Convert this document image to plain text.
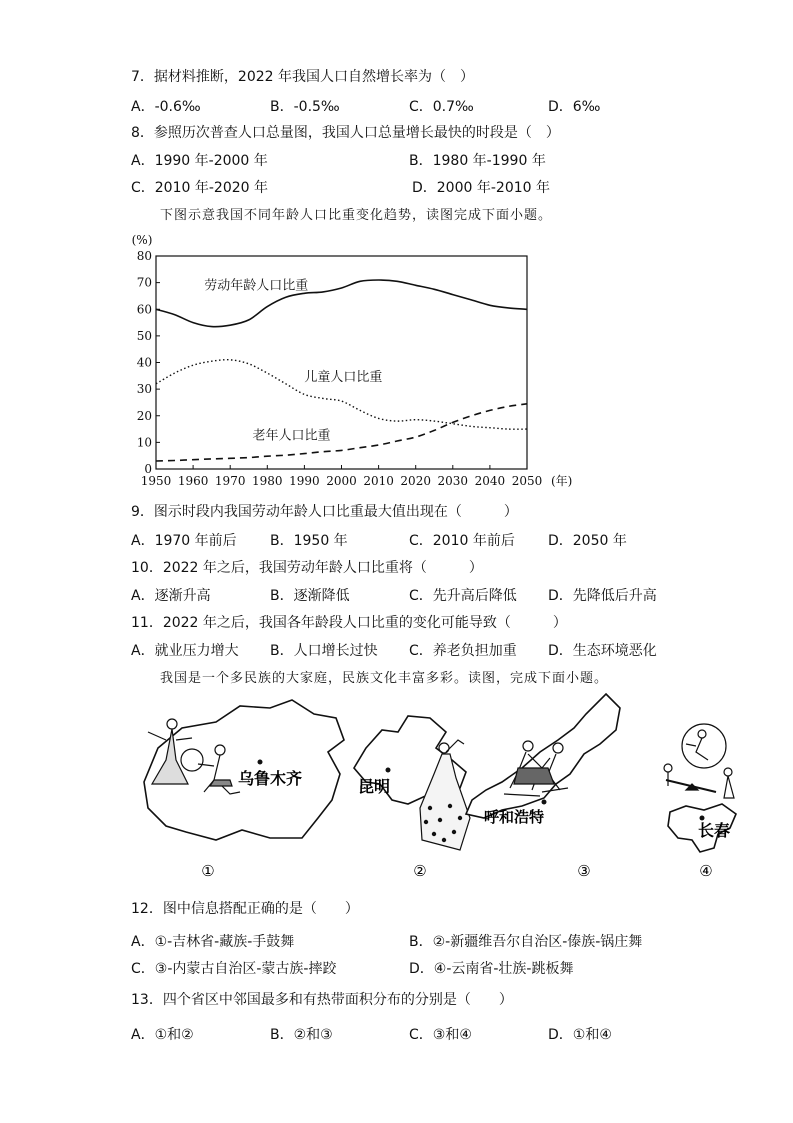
7．据材料推断，2022 年我国人口自然增长率为（　）
A．-0.6‰	B．-0.5‰	C．0.7‰	D．6‰
8．参照历次普查人口总量图，我国人口总量增长最快的时段是（　）
A．1990 年-2000 年	B．1980 年-1990 年
C．2010 年-2020 年	D．2000 年-2010 年
下图示意我国不同年龄人口比重变化趋势，读图完成下面小题。
0
10
20
30
40
50
60
70
80
1950 1960 1970 1980 1990 2000 2010 2020 2030 2040 2050
(%)
(年)
劳动年龄人口比重
儿童人口比重
老年人口比重
9．图示时段内我国劳动年龄人口比重最大值出现在（　　　）
A．1970 年前后 B．1950 年	C．2010 年前后 D．2050 年
10．2022 年之后，我国劳动年龄人口比重将（　　　）
A．逐渐升高	B．逐渐降低	C．先升高后降低 D．先降低后升高
11．2022 年之后，我国各年龄段人口比重的变化可能导致（　　　）
A．就业压力增大 B．人口增长过快 C．养老负担加重 D．生态环境恶化
我国是一个多民族的大家庭，民族文化丰富多彩。读图，完成下面小题。
乌鲁木齐
①
昆明
②
呼和浩特
③
长春
④
12．图中信息搭配正确的是（　　）
A．①-吉林省-藏族-手鼓舞	B．②-新疆维吾尔自治区-傣族-锅庄舞
C．③-内蒙古自治区-蒙古族-摔跤	D．④-云南省-壮族-跳板舞
13．四个省区中邻国最多和有热带面积分布的分别是（　　）
A．①和②	B．②和③	C．③和④	D．①和④
